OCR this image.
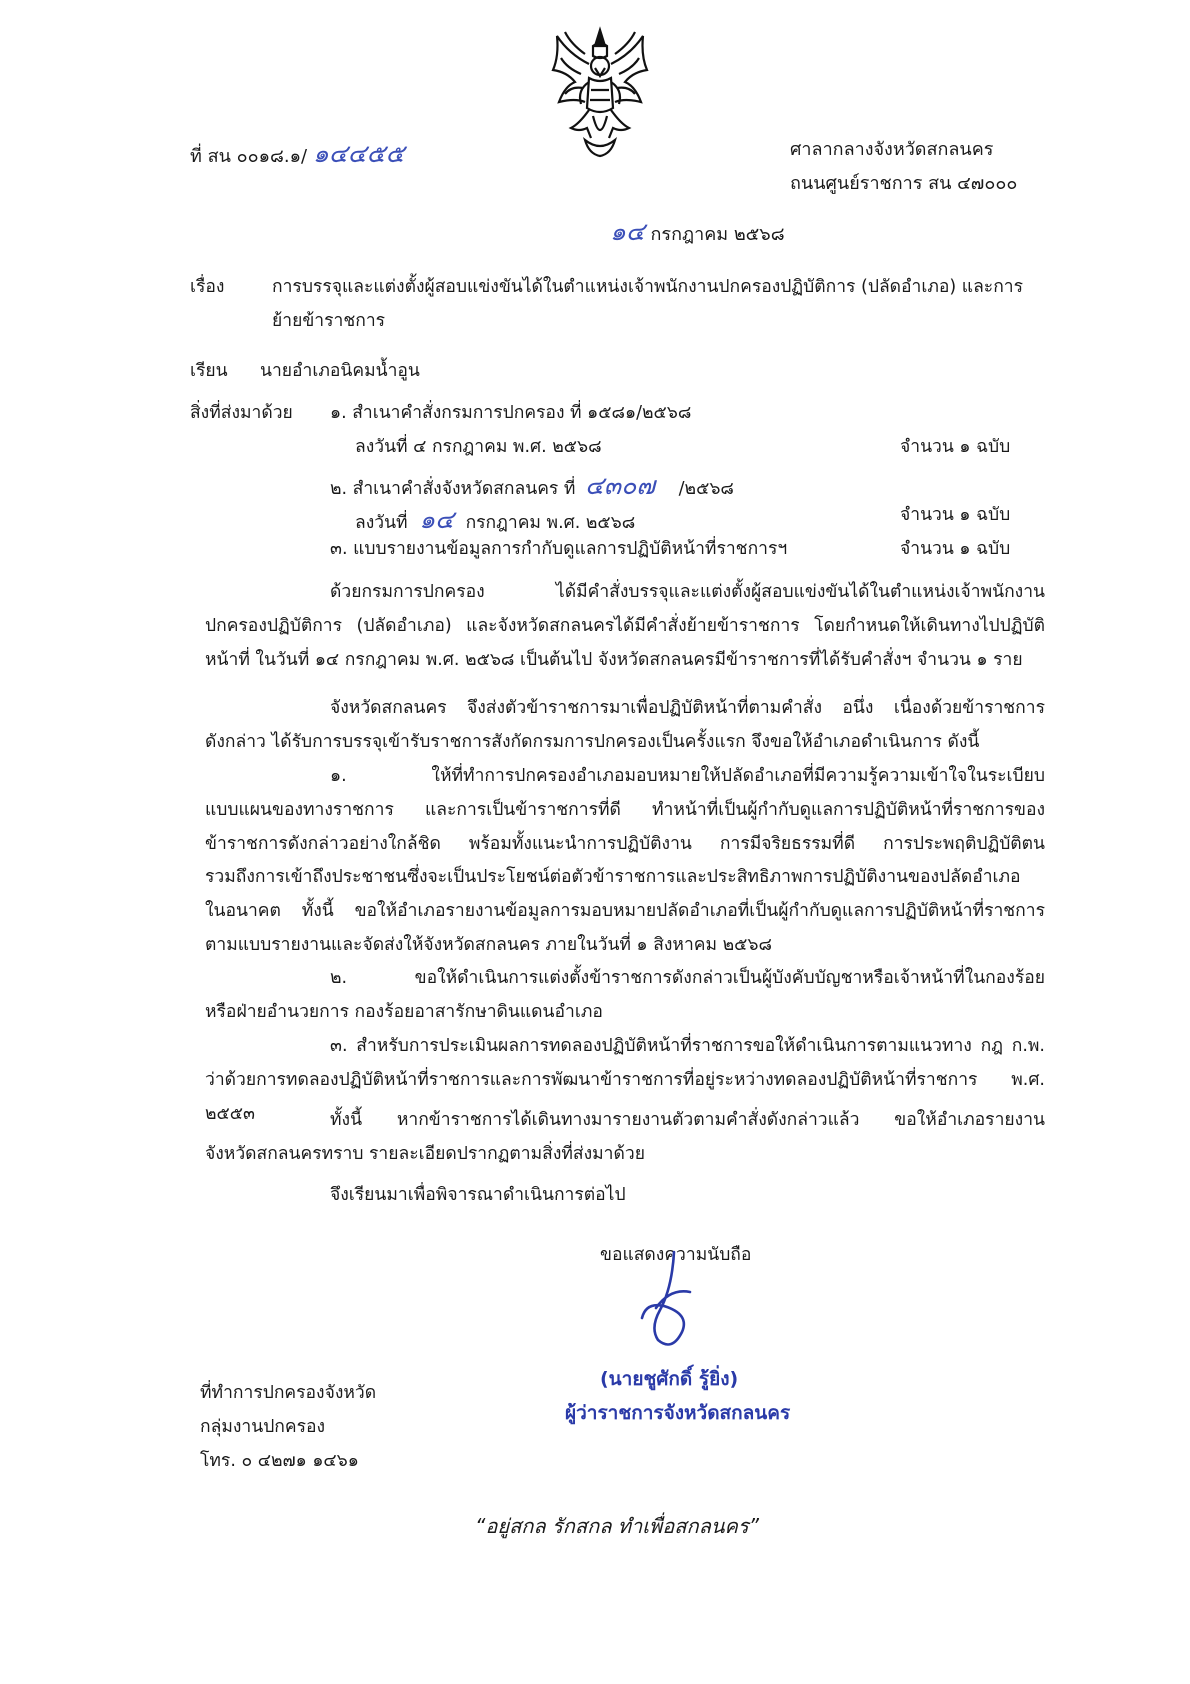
ที่ สน ๐๐๑๘.๑/ ๑๔๔๕๕	ศาลากลางจังหวัดสกลนคร
ถนนศูนย์ราชการ สน ๔๗๐๐๐
๑๔ กรกฎาคม ๒๕๖๘
เรื่อง	การบรรจุและแต่งตั้งผู้สอบแข่งขันได้ในตำแหน่งเจ้าพนักงานปกครองปฏิบัติการ (ปลัดอำเภอ) และการ
ย้ายข้าราชการ
เรียน นายอำเภอนิคมน้ำอูน
สิ่งที่ส่งมาด้วย ๑. สำเนาคำสั่งกรมการปกครอง ที่ ๑๕๘๑/๒๕๖๘
ลงวันที่ ๔ กรกฎาคม พ.ศ. ๒๕๖๘	จำนวน ๑ ฉบับ
๒. สำเนาคำสั่งจังหวัดสกลนคร ที่ ๔๓๐๗ /๒๕๖๘
ลงวันที่ ๑๔ กรกฎาคม พ.ศ. ๒๕๖๘	จำนวน ๑ ฉบับ
๓. แบบรายงานข้อมูลการกำกับดูแลการปฏิบัติหน้าที่ราชการฯ	จำนวน ๑ ฉบับ
ด้วยกรมการปกครอง ได้มีคำสั่งบรรจุและแต่งตั้งผู้สอบแข่งขันได้ในตำแหน่งเจ้าพนักงาน
ปกครองปฏิบัติการ (ปลัดอำเภอ) และจังหวัดสกลนครได้มีคำสั่งย้ายข้าราชการ โดยกำหนดให้เดินทางไปปฏิบัติ
หน้าที่ ในวันที่ ๑๔ กรกฎาคม พ.ศ. ๒๕๖๘ เป็นต้นไป จังหวัดสกลนครมีข้าราชการที่ได้รับคำสั่งฯ จำนวน ๑ ราย
จังหวัดสกลนคร จึงส่งตัวข้าราชการมาเพื่อปฏิบัติหน้าที่ตามคำสั่ง อนึ่ง เนื่องด้วยข้าราชการ
ดังกล่าว ได้รับการบรรจุเข้ารับราชการสังกัดกรมการปกครองเป็นครั้งแรก จึงขอให้อำเภอดำเนินการ ดังนี้
๑. ให้ที่ทำการปกครองอำเภอมอบหมายให้ปลัดอำเภอที่มีความรู้ความเข้าใจในระเบียบ
แบบแผนของทางราชการ และการเป็นข้าราชการที่ดี ทำหน้าที่เป็นผู้กำกับดูแลการปฏิบัติหน้าที่ราชการของ
ข้าราชการดังกล่าวอย่างใกล้ชิด พร้อมทั้งแนะนำการปฏิบัติงาน การมีจริยธรรมที่ดี การประพฤติปฏิบัติตน
รวมถึงการเข้าถึงประชาชนซึ่งจะเป็นประโยชน์ต่อตัวข้าราชการและประสิทธิภาพการปฏิบัติงานของปลัดอำเภอ
ในอนาคต ทั้งนี้ ขอให้อำเภอรายงานข้อมูลการมอบหมายปลัดอำเภอที่เป็นผู้กำกับดูแลการปฏิบัติหน้าที่ราชการ
ตามแบบรายงานและจัดส่งให้จังหวัดสกลนคร ภายในวันที่ ๑ สิงหาคม ๒๕๖๘
๒. ขอให้ดำเนินการแต่งตั้งข้าราชการดังกล่าวเป็นผู้บังคับบัญชาหรือเจ้าหน้าที่ในกองร้อย
หรือฝ่ายอำนวยการ กองร้อยอาสารักษาดินแดนอำเภอ
๓. สำหรับการประเมินผลการทดลองปฏิบัติหน้าที่ราชการขอให้ดำเนินการตามแนวทาง กฎ ก.พ.
ว่าด้วยการทดลองปฏิบัติหน้าที่ราชการและการพัฒนาข้าราชการที่อยู่ระหว่างทดลองปฏิบัติหน้าที่ราชการ พ.ศ. ๒๕๕๓	ทั้งนี้ หากข้าราชการได้เดินทางมารายงานตัวตามคำสั่งดังกล่าวแล้ว ขอให้อำเภอรายงาน
จังหวัดสกลนครทราบ รายละเอียดปรากฏตามสิ่งที่ส่งมาด้วย
จึงเรียนมาเพื่อพิจารณาดำเนินการต่อไป
ขอแสดงความนับถือ
(นายชูศักดิ์ รู้ยิ่ง)
ผู้ว่าราชการจังหวัดสกลนคร
ที่ทำการปกครองจังหวัด
กลุ่มงานปกครอง
โทร. ๐ ๔๒๗๑ ๑๔๖๑
“อยู่สกล รักสกล ทำเพื่อสกลนคร”
